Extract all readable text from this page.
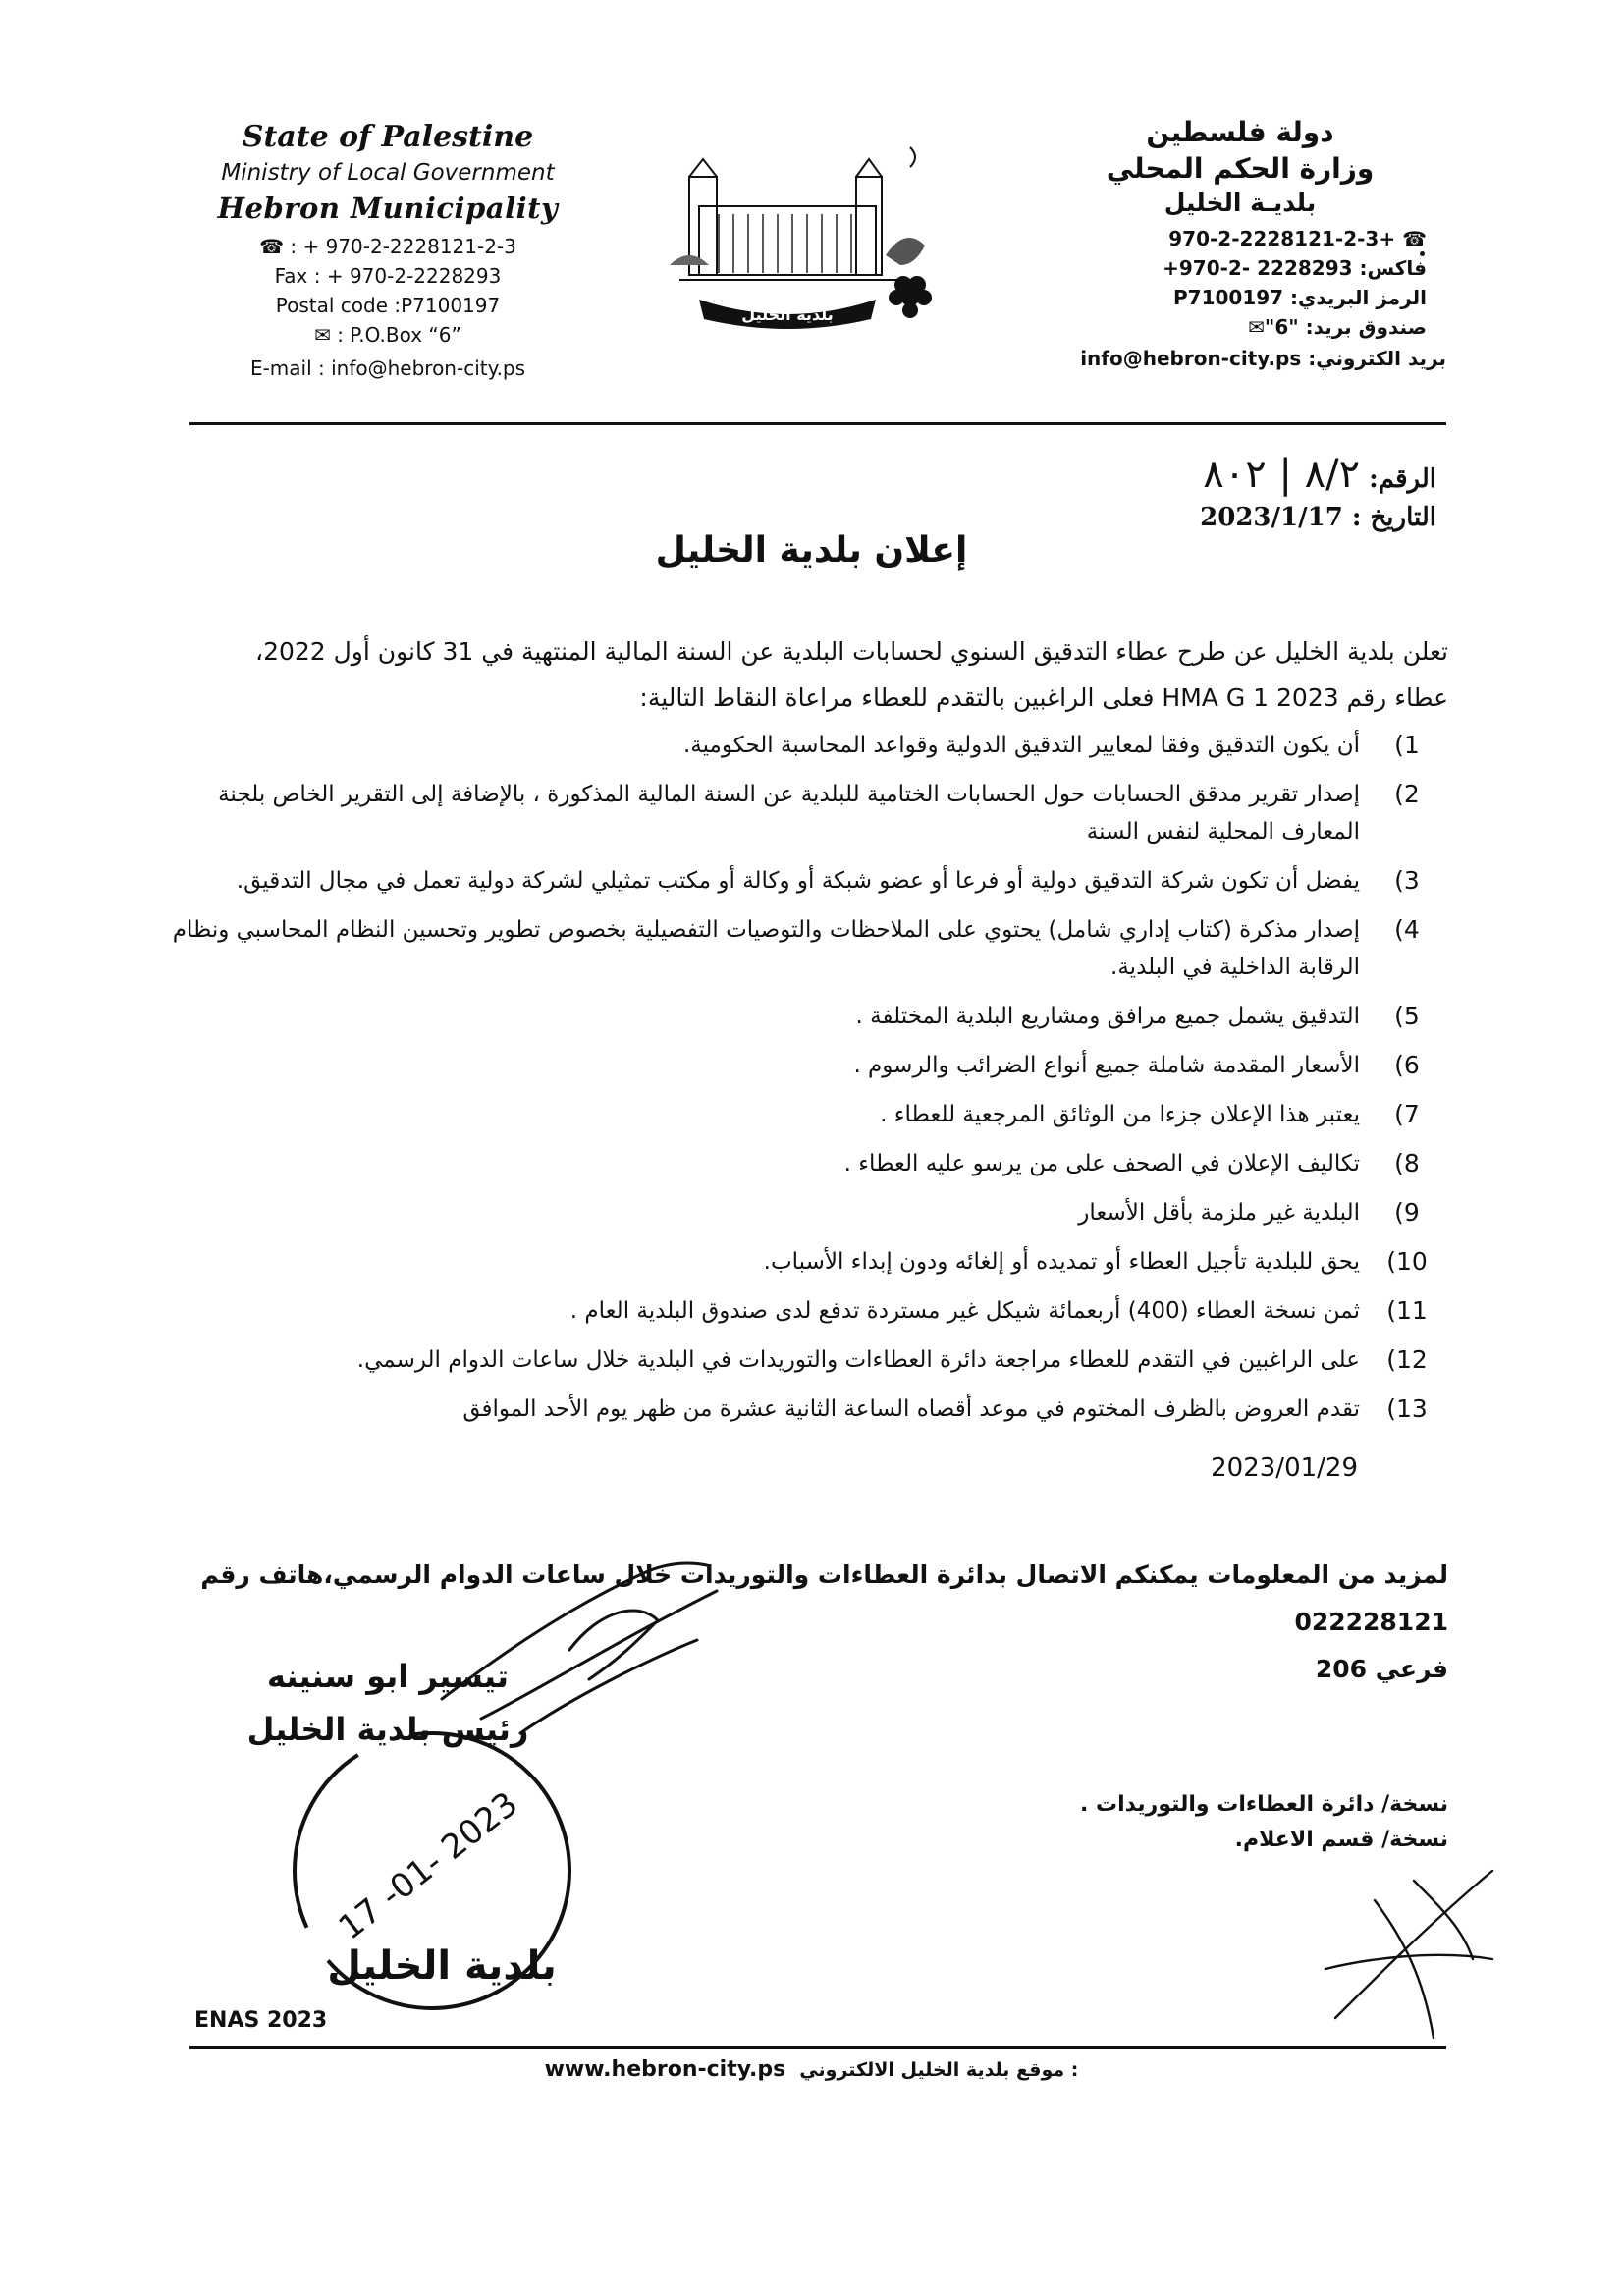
State of Palestine
Ministry of Local Government
Hebron Municipality
☎ : + 970-2-2228121-2-3
Fax : + 970-2-2228293
Postal code :P7100197
✉ : P.O.Box “6”
E-mail : info@hebron-city.ps
بلدية الخليل
دولة فلسطين
وزارة الحكم المحلي
بلديـة الخليل
☎ +970-2-2228121-2-3
فاكس: 2228293 -2-970+
الرمز البريدي: P7100197
صندوق بريد: "6"✉
بريد الكتروني: info@hebron-city.ps
الرقم: ٨/٢ | ٨٠٢
التاريخ : 2023/1/17
إعلان بلدية الخليل
تعلن بلدية الخليل عن طرح عطاء التدقيق السنوي لحسابات البلدية عن السنة المالية المنتهية في 31 كانون أول 2022،
عطاء رقم HMA G 1 2023 فعلى الراغبين بالتقدم للعطاء مراعاة النقاط التالية:
1)
أن يكون التدقيق وفقا لمعايير التدقيق الدولية وقواعد المحاسبة الحكومية.
2)
إصدار تقرير مدقق الحسابات حول الحسابات الختامية للبلدية عن السنة المالية المذكورة ، بالإضافة إلى التقرير الخاص بلجنة المعارف المحلية لنفس السنة
3)
يفضل أن تكون شركة التدقيق دولية أو فرعا أو عضو شبكة أو وكالة أو مكتب تمثيلي لشركة دولية تعمل في مجال التدقيق.
4)
إصدار مذكرة (كتاب إداري شامل) يحتوي على الملاحظات والتوصيات التفصيلية بخصوص تطوير وتحسين النظام المحاسبي ونظام الرقابة الداخلية في البلدية.
5)
التدقيق يشمل جميع مرافق ومشاريع البلدية المختلفة .
6)
الأسعار المقدمة شاملة جميع أنواع الضرائب والرسوم .
7)
يعتبر هذا الإعلان جزءا من الوثائق المرجعية للعطاء .
8)
تكاليف الإعلان في الصحف على من يرسو عليه العطاء .
9)
البلدية غير ملزمة بأقل الأسعار
10)
يحق للبلدية تأجيل العطاء أو تمديده أو إلغائه ودون إبداء الأسباب.
11)
ثمن نسخة العطاء (400) أربعمائة شيكل غير مستردة تدفع لدى صندوق البلدية العام .
12)
على الراغبين في التقدم للعطاء مراجعة دائرة العطاءات والتوريدات في البلدية خلال ساعات الدوام الرسمي.
13)
تقدم العروض بالظرف المختوم في موعد أقصاه الساعة الثانية عشرة من ظهر يوم الأحد الموافق
2023/01/29
لمزيد من المعلومات يمكنكم الاتصال بدائرة العطاءات والتوريدات خلال ساعات الدوام الرسمي،هاتف رقم 022228121
فرعي 206
تيسير ابو سنينه
رئيس بلدية الخليل
17 -01- 2023
بلدية الخليل
نسخة/ دائرة العطاءات والتوريدات .
نسخة/ قسم الاعلام.
ENAS 2023
www.hebron-city.ps موقع بلدية الخليل الالكتروني :
